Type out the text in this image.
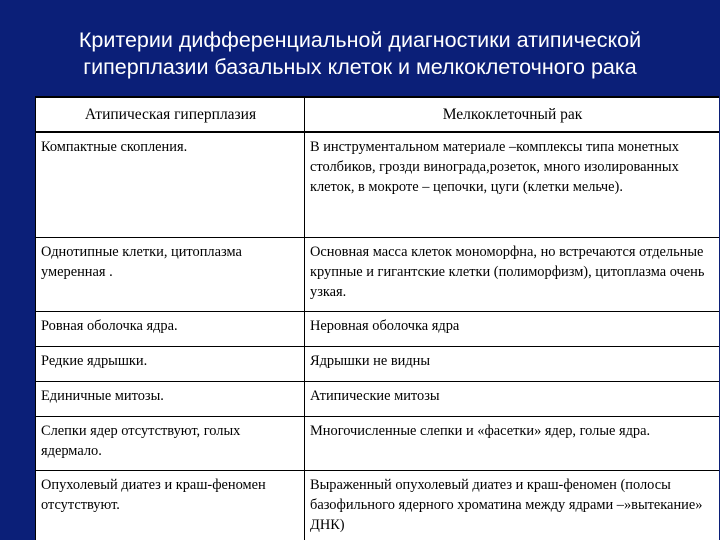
Критерии дифференциальной диагностики атипической
гиперплазии базальных клеток и мелкоклеточного рака
Атипическая гиперплазия	Мелкоклеточный рак
Компактные скопления.	В инструментальном материале –комплексы типа монетных столбиков, грозди винограда,розеток, много изолированных клеток, в мокроте – цепочки, цуги (клетки мельче).
Однотипные клетки, цитоплазма умеренная .	Основная масса клеток мономорфна, но встречаются отдельные крупные и гигантские клетки (полиморфизм), цитоплазма очень узкая.
Ровная оболочка ядра.	Неровная оболочка ядра
Редкие ядрышки.	Ядрышки не видны
Единичные митозы.	Атипические митозы
Слепки ядер отсутствуют, голых ядермало.	Многочисленные слепки и «фасетки» ядер, голые ядра.
Опухолевый диатез и краш-феномен отсутствуют.	Выраженный опухолевый диатез и краш-феномен (полосы базофильного ядерного хроматина между ядрами –»вытекание» ДНК)
